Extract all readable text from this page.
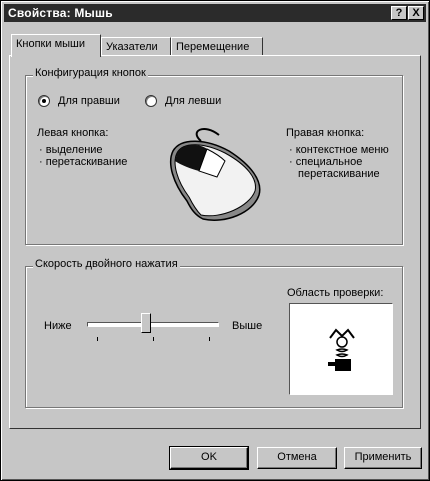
Свойства: Мышь	? X
Кнопки мыши	Указатели	Перемещение
Конфигурация кнопок
Для правши	Для левши
Левая кнопка:
· выделение
· перетаскивание
Правая кнопка:
· контекстное меню
· специальное
перетаскивание
Скорость двойного нажатия
Ниже	Выше
Область проверки:
OK	Отмена	Применить
